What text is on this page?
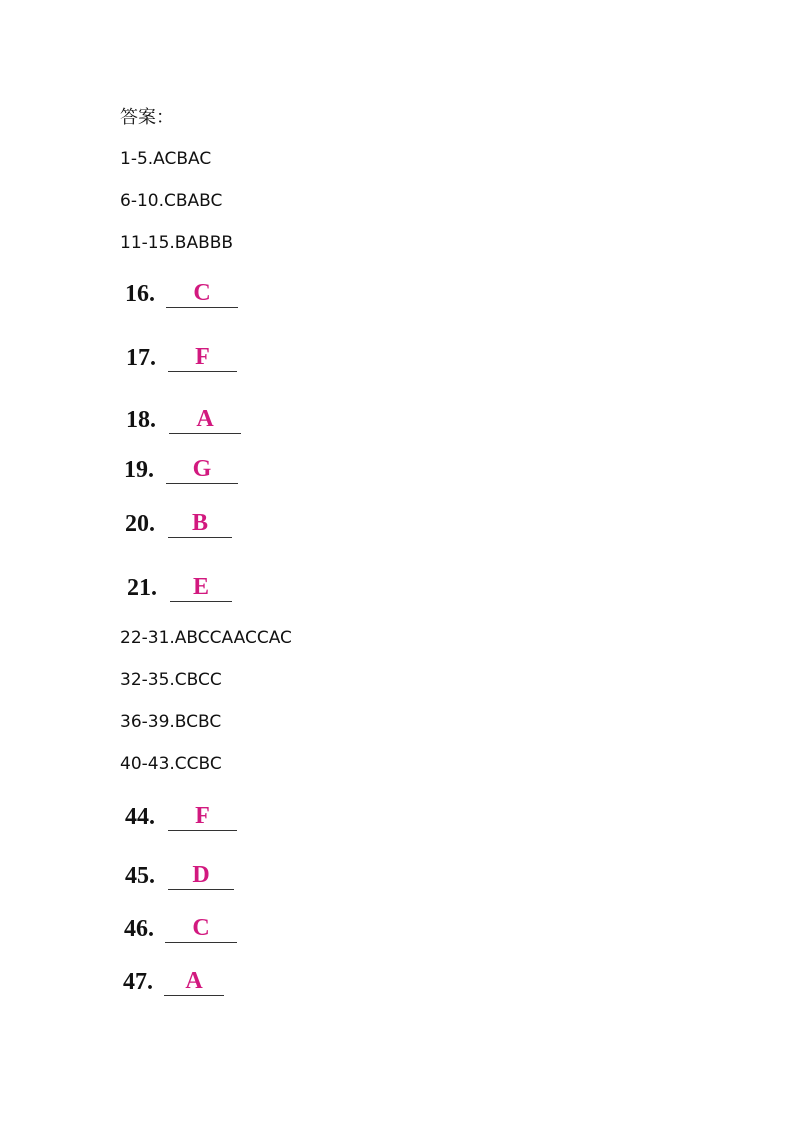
答案：
1-5.ACBAC
6-10.CBABC
11-15.BABBB
16.	C
17.	F
18.	A
19.	G
20.	B
21.	E
22-31.ABCCAACCAC
32-35.CBCC
36-39.BCBC
40-43.CCBC
44.	F
45.	D
46.	C
47.	A
